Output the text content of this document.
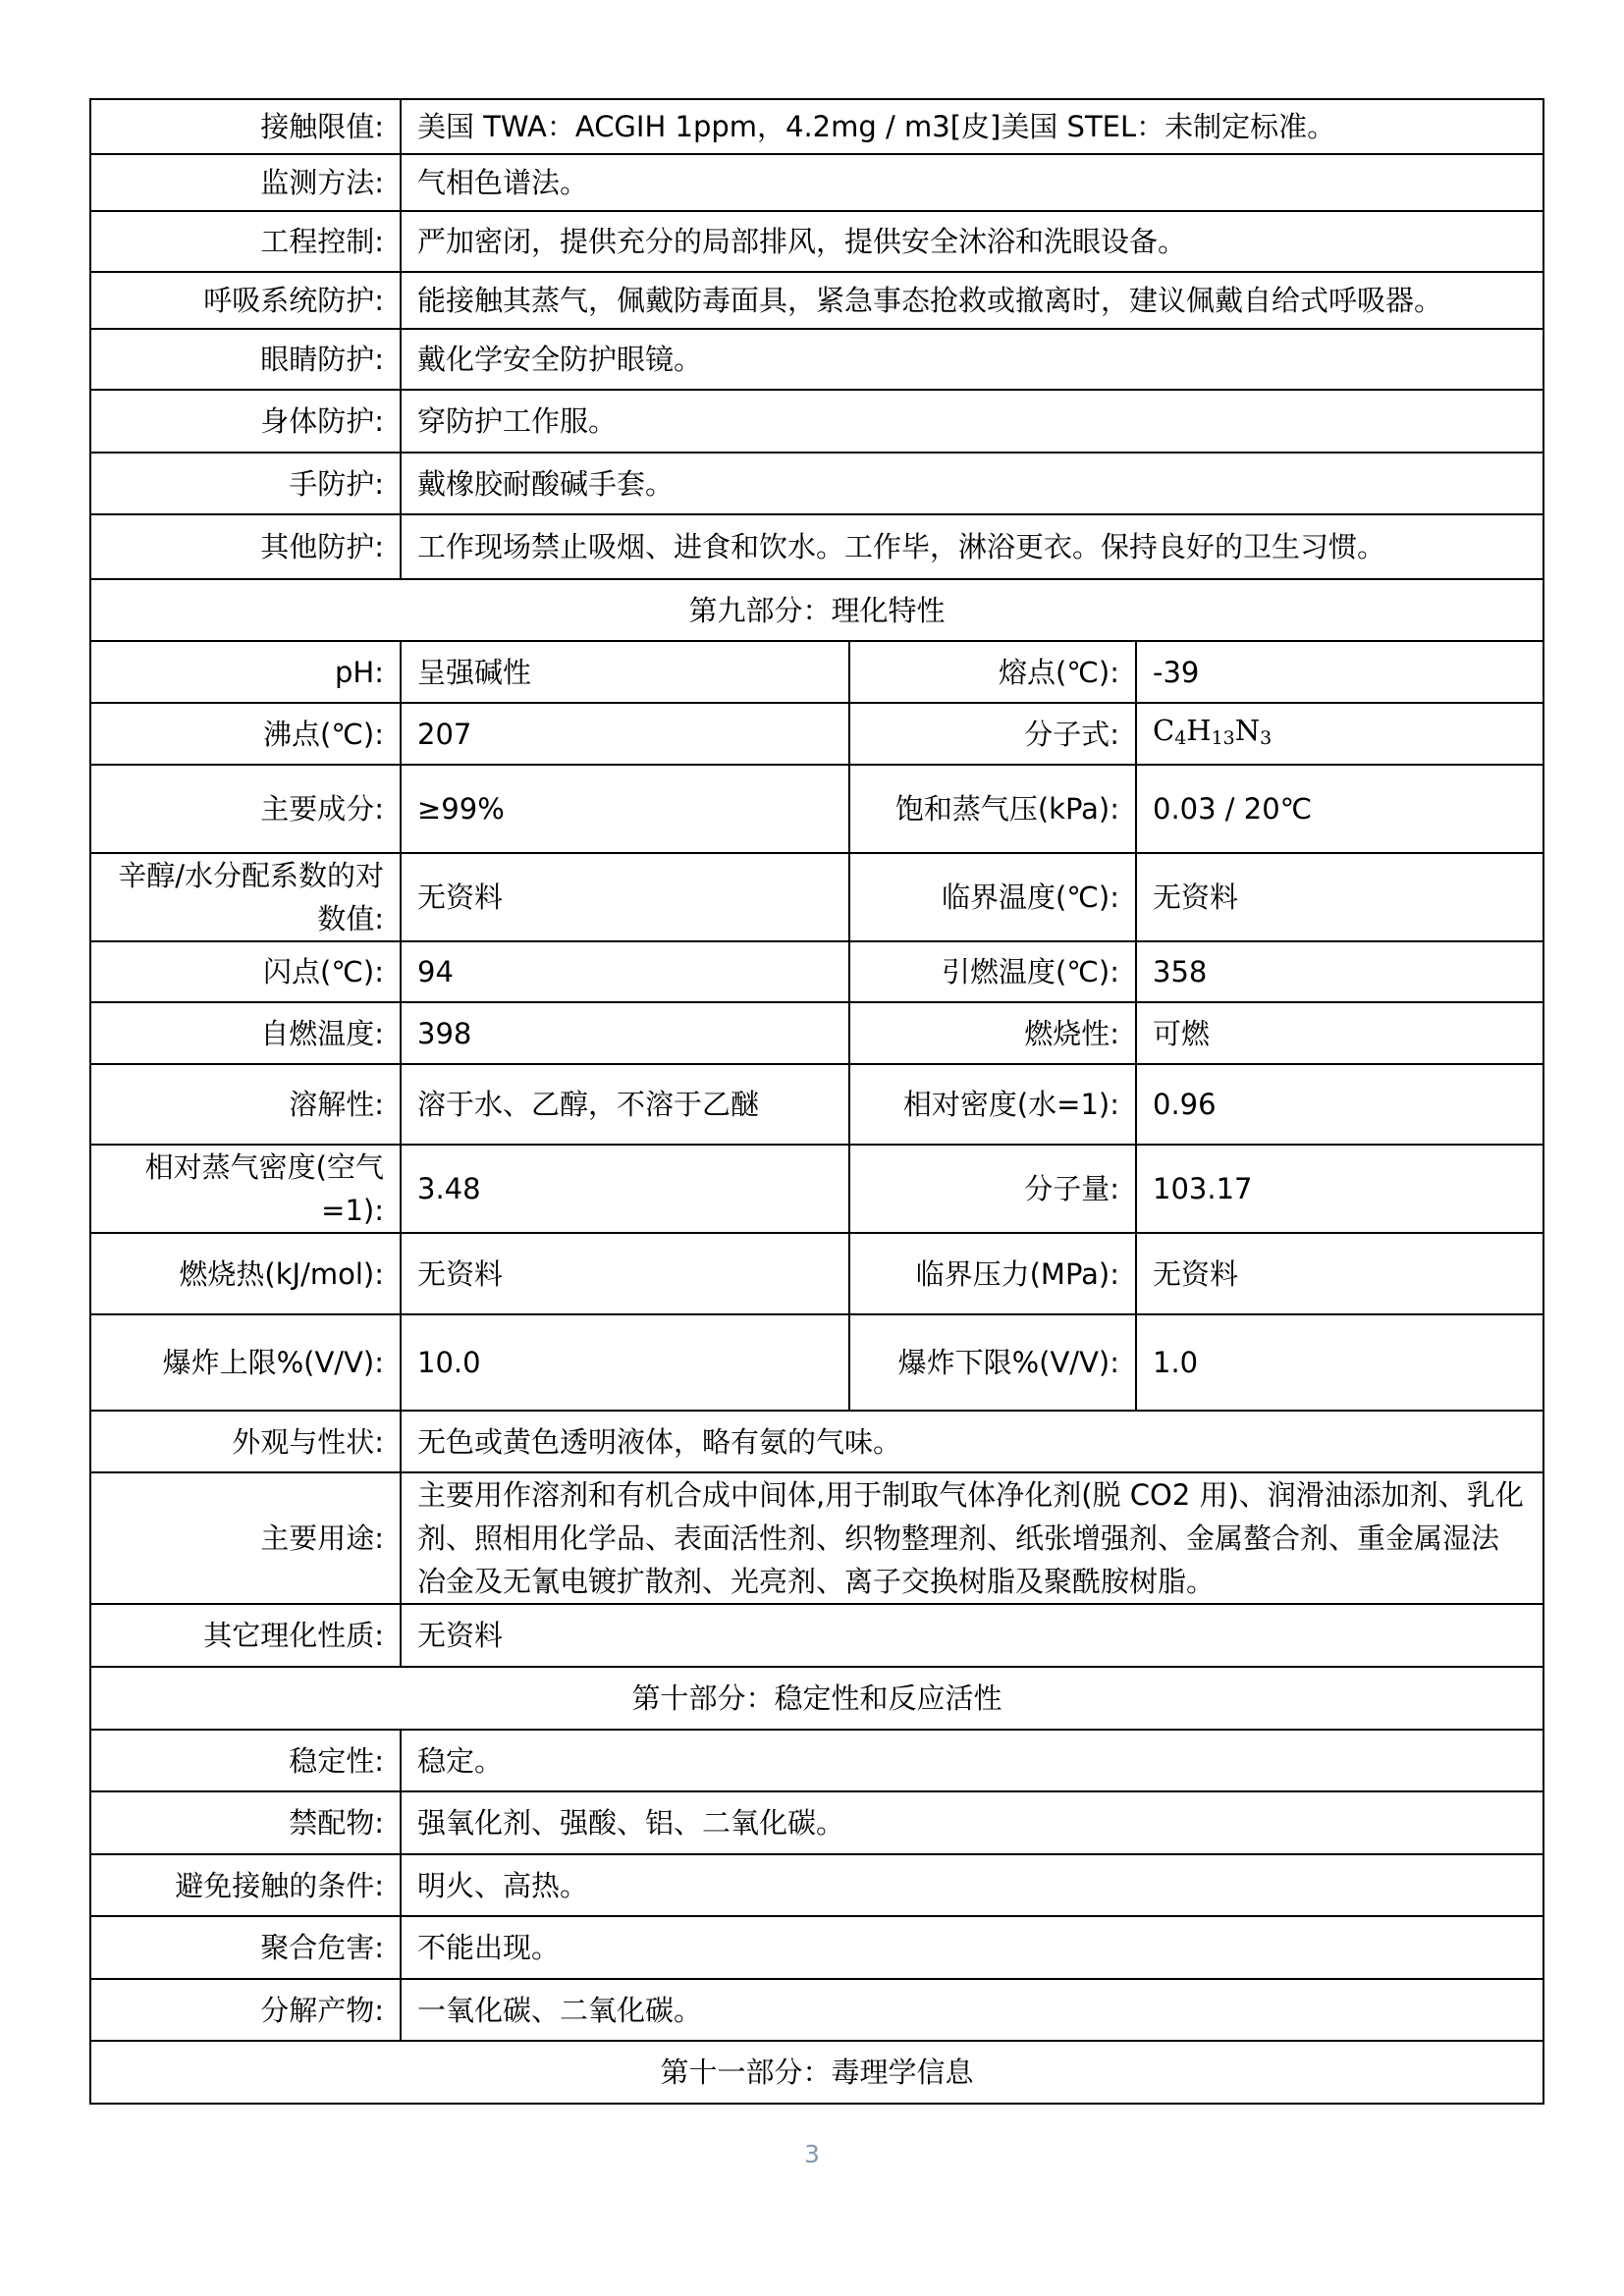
接触限值:	美国 TWA：ACGIH 1ppm，4.2mg / m3[皮]美国 STEL：未制定标准。		
监测方法:	气相色谱法。		
工程控制:	严加密闭，提供充分的局部排风，提供安全沐浴和洗眼设备。		
呼吸系统防护:	能接触其蒸气，佩戴防毒面具，紧急事态抢救或撤离时，建议佩戴自给式呼吸器。		
眼睛防护:	戴化学安全防护眼镜。		
身体防护:	穿防护工作服。		
手防护:	戴橡胶耐酸碱手套。		
其他防护:	工作现场禁止吸烟、进食和饮水。工作毕，淋浴更衣。保持良好的卫生习惯。		
第九部分：理化特性			
pH:	呈强碱性	熔点(℃):	-39
沸点(℃):	207	分子式:	$C_4H_{13}N_3$
主要成分:	≥99%	饱和蒸气压(kPa):	0.03 / 20℃
辛醇/水分配系数的对数值:	无资料	临界温度(℃):	无资料
闪点(℃):	94	引燃温度(℃):	358
自燃温度:	398	燃烧性:	可燃
溶解性:	溶于水、乙醇，不溶于乙醚	相对密度(水=1):	0.96
相对蒸气密度(空气=1):	3.48	分子量:	103.17
燃烧热(kJ/mol):	无资料	临界压力(MPa):	无资料
爆炸上限%(V/V):	10.0	爆炸下限%(V/V):	1.0
外观与性状:	无色或黄色透明液体，略有氨的气味。		
主要用途:	主要用作溶剂和有机合成中间体,用于制取气体净化剂(脱 CO2 用)、润滑油添加剂、乳化剂、照相用化学品、表面活性剂、织物整理剂、纸张增强剂、金属螯合剂、重金属湿法冶金及无氰电镀扩散剂、光亮剂、离子交换树脂及聚酰胺树脂。		
其它理化性质:	无资料		
第十部分：稳定性和反应活性			
稳定性:	稳定。		
禁配物:	强氧化剂、强酸、铝、二氧化碳。		
避免接触的条件:	明火、高热。		
聚合危害:	不能出现。		
分解产物:	一氧化碳、二氧化碳。		
第十一部分：毒理学信息			
3
